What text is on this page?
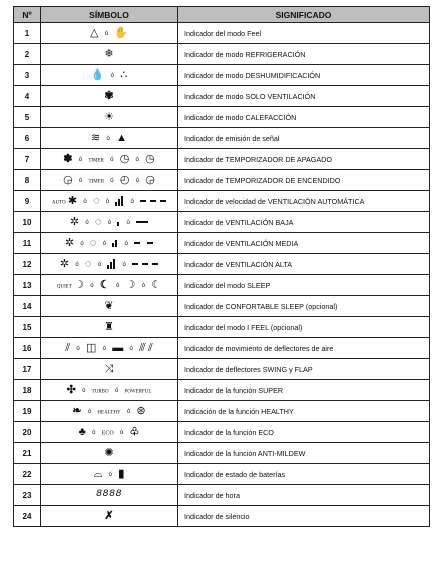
Nº	SÍMBOLO	SIGNIFICADO
1	△ ó ✋	Indicador del modo Feel
2	❄	Indicador de modo REFRIGERACIÓN
3	💧 ó ∴	Indicador de modo DESHUMIDIFICACIÓN
4	✾	Indicador de modo SOLO VENTILACIÓN
5	☀	Indicador de modo CALEFACCIÓN
6	≋ ó ▲	Indicador de emisión de señal
7	✽ ó TIMER ó ◷ ó ◷	Indicador de TEMPORIZADOR DE APAGADO
8	◶ ó TIMER ó ◴ ó ◶	Indicador de TEMPORIZADOR DE ENCENDIDO
9	AUTO ✱ ó ◌ ó ó	Indicador de velocidad de VENTILACIÓN AUTOMÁTICA
10	✲ ó ◌ ó ó	Indicador de VENTILACIÓN BAJA
11	✲ ó ◌ ó ó	Indicador de VENTILACIÓN MEDIA
12	✲ ó ◌ ó ó	Indicador de VENTILACIÓN ALTA
13	QUIET ☽ ó ☾ ó ☽ ó ☾	Indicador del modo SLEEP
14	❦	Indicador de CONFORTABLE SLEEP (opcional)
15	♜	Indicador del modo I FEEL (opcional)
16	⫽ ó ◫ ó ▬ ó ⫻ ⫽	Indicador de movimiento de deflectores de aire
17	⤨	Indicador de deflectores SWING y FLAP
18	✣ ó TURBO ó POWERFUL	Indicador de la función SUPER
19	❧ ó HEALTHY ó ⊛	Indicación de la función HEALTHY
20	♣ ó ECO ó ♧	Indicador de la función ECO
21	✺	Indicador de la función ANTI-MILDEW
22	⌓ ó ▮	Indicador de estado de baterías
23	8888	Indicador de hora
24	✗	Indicador de silencio
